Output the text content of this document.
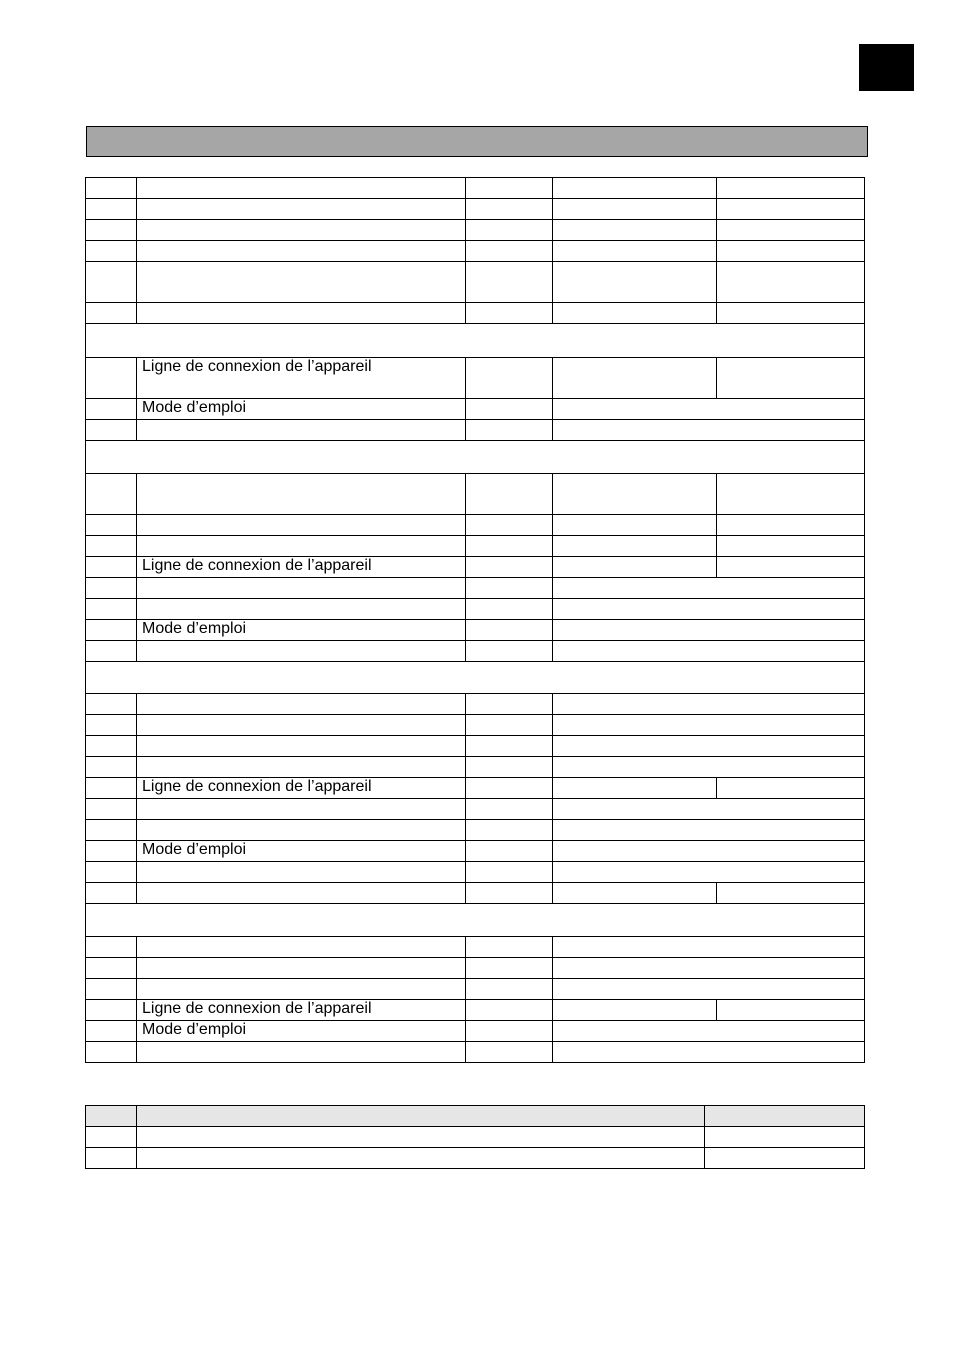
	Ligne de connexion de l’appareil			
	Mode d’emploi			

	Ligne de connexion de l’appareil			

	Mode d’emploi			

	Ligne de connexion de l’appareil			

	Mode d’emploi			

	Ligne de connexion de l’appareil			
	Mode d’emploi			
